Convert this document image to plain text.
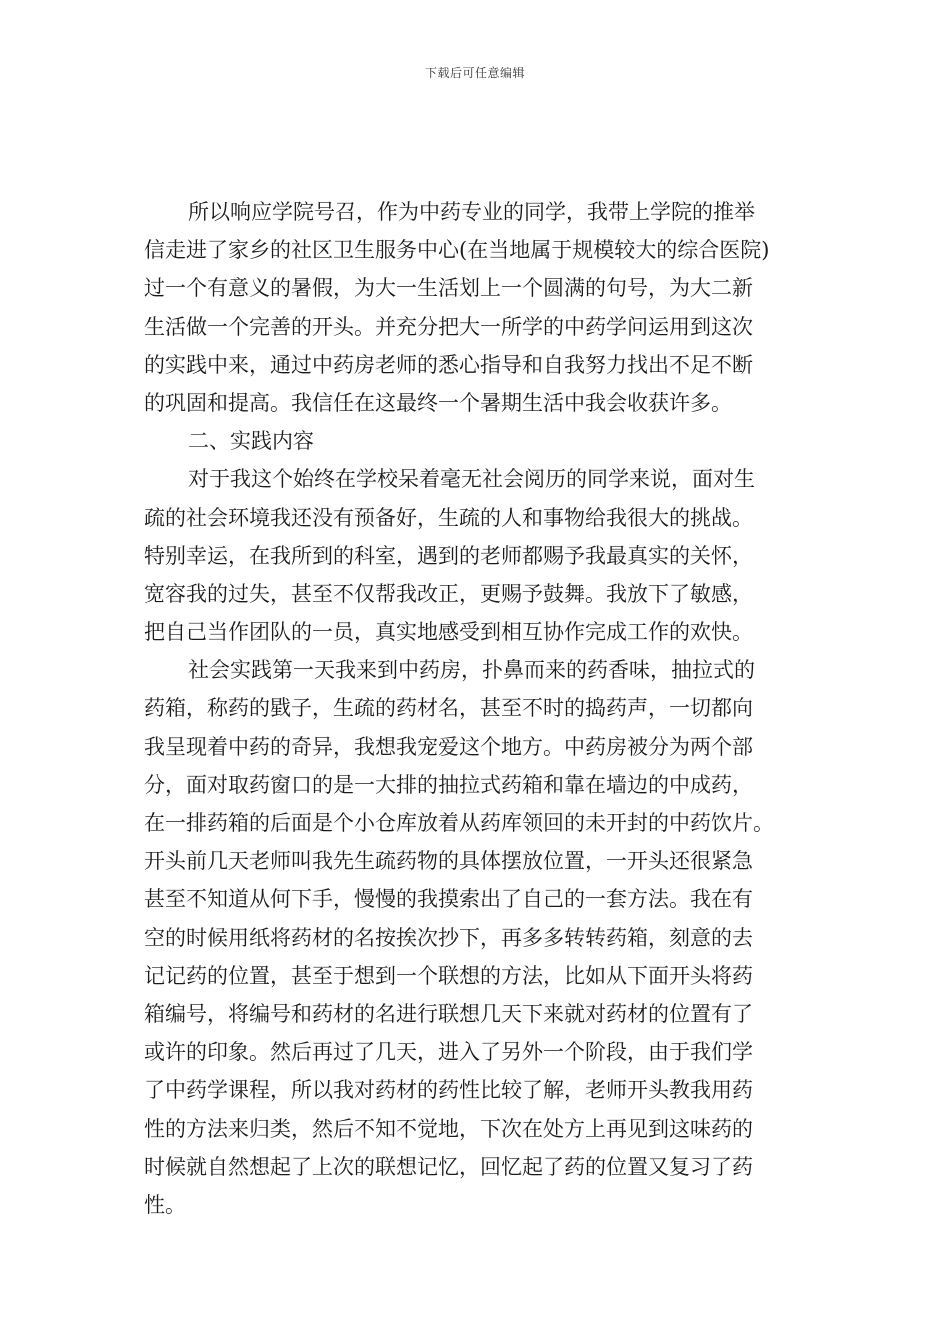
下载后可任意编辑
所以响应学院号召，作为中药专业的同学，我带上学院的推举
信走进了家乡的社区卫生服务中心(在当地属于规模较大的综合医院)
过一个有意义的暑假，为大一生活划上一个圆满的句号，为大二新
生活做一个完善的开头。并充分把大一所学的中药学问运用到这次
的实践中来，通过中药房老师的悉心指导和自我努力找出不足不断
的巩固和提高。我信任在这最终一个暑期生活中我会收获许多。
二、实践内容
对于我这个始终在学校呆着毫无社会阅历的同学来说，面对生
疏的社会环境我还没有预备好，生疏的人和事物给我很大的挑战。
特别幸运，在我所到的科室，遇到的老师都赐予我最真实的关怀，
宽容我的过失，甚至不仅帮我改正，更赐予鼓舞。我放下了敏感，
把自己当作团队的一员，真实地感受到相互协作完成工作的欢快。
社会实践第一天我来到中药房，扑鼻而来的药香味，抽拉式的
药箱，称药的戥子，生疏的药材名，甚至不时的捣药声，一切都向
我呈现着中药的奇异，我想我宠爱这个地方。中药房被分为两个部
分，面对取药窗口的是一大排的抽拉式药箱和靠在墙边的中成药，
在一排药箱的后面是个小仓库放着从药库领回的未开封的中药饮片。
开头前几天老师叫我先生疏药物的具体摆放位置，一开头还很紧急
甚至不知道从何下手，慢慢的我摸索出了自己的一套方法。我在有
空的时候用纸将药材的名按挨次抄下，再多多转转药箱，刻意的去
记记药的位置，甚至于想到一个联想的方法，比如从下面开头将药
箱编号，将编号和药材的名进行联想几天下来就对药材的位置有了
或许的印象。然后再过了几天，进入了另外一个阶段，由于我们学
了中药学课程，所以我对药材的药性比较了解，老师开头教我用药
性的方法来归类，然后不知不觉地，下次在处方上再见到这味药的
时候就自然想起了上次的联想记忆，回忆起了药的位置又复习了药
性。
